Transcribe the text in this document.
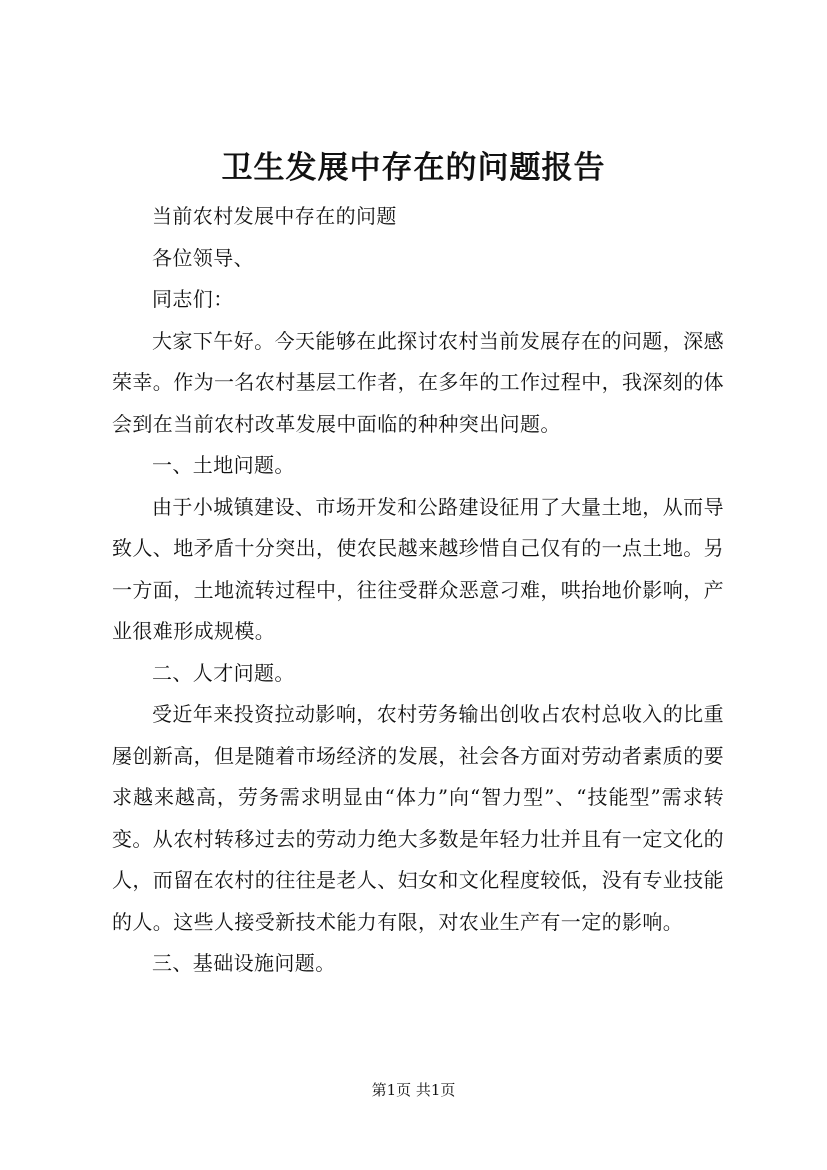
卫生发展中存在的问题报告

当前农村发展中存在的问题

各位领导、

同志们：

大家下午好。今天能够在此探讨农村当前发展存在的问题，深感荣幸。作为一名农村基层工作者，在多年的工作过程中，我深刻的体会到在当前农村改革发展中面临的种种突出问题。

一、土地问题。

由于小城镇建设、市场开发和公路建设征用了大量土地，从而导致人、地矛盾十分突出，使农民越来越珍惜自己仅有的一点土地。另一方面，土地流转过程中，往往受群众恶意刁难，哄抬地价影响，产业很难形成规模。

二、人才问题。

受近年来投资拉动影响，农村劳务输出创收占农村总收入的比重屡创新高，但是随着市场经济的发展，社会各方面对劳动者素质的要求越来越高，劳务需求明显由“体力”向“智力型”、“技能型”需求转变。从农村转移过去的劳动力绝大多数是年轻力壮并且有一定文化的人，而留在农村的往往是老人、妇女和文化程度较低，没有专业技能的人。这些人接受新技术能力有限，对农业生产有一定的影响。

三、基础设施问题。

第1页 共1页
